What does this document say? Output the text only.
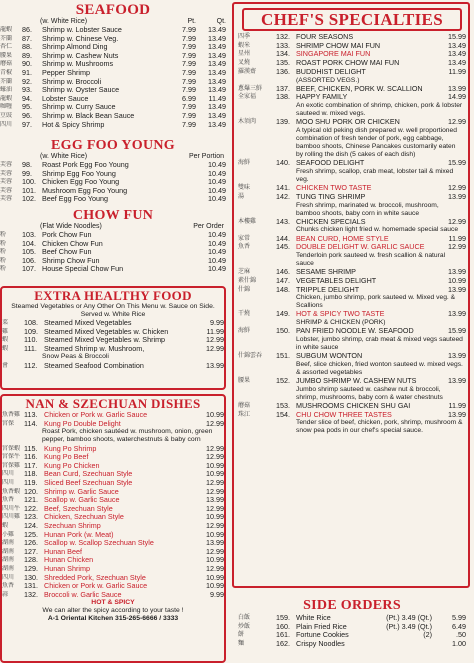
SEAFOOD
(w. White Rice)	Pt.	Qt.
龍蝦	86.	Shrimp w. Lobster Sauce	7.99	13.49
芥蘭	87.	Shrimp w. Chinese Veg.	7.99	13.49
杏仁	88.	Shrimp Almond Ding	7.99	13.49
腰果	89.	Shrimp w. Cashew Nuts	7.99	13.49
蘑菇	90.	Shrimp w. Mushrooms	7.99	13.49
青椒	91.	Pepper Shrimp	7.99	13.49
芥蘭	92.	Shrimp w. Broccoli	7.99	13.49
蠔油	93.	Shrimp w. Oyster Sauce	7.99	13.49
龍蝦	94.	Lobster Sauce	6.99	11.49
咖喱	95.	Shrimp w. Curry Sauce	7.99	13.49
豆豉	96.	Shrimp w. Black Bean Sauce	7.99	13.49
四川	97.	Hot & Spicy Shrimp	7.99	13.49
EGG FOO YOUNG
(w. White Rice)	Per Portion
芙蓉	98.	Roast Pork Egg Foo Young	10.49
芙蓉	99.	Shrimp Egg Foo Young	10.49
芙蓉	100. Chicken Egg Foo Young	10.49
芙蓉	101. Mushroom Egg Foo Young	10.49
芙蓉	102. Beef Egg Foo Young	10.49
CHOW FUN
(Flat Wide Noodles)	Per Order
粉	103. Pork Chow Fun	10.49
粉	104. Chicken Chow Fun	10.49
粉	105. Beef Chow Fun	10.49
粉	106. Shrimp Chow Fun	10.49
粉	107. House Special Chow Fun	10.49
EXTRA HEALTHY FOOD
Steamed Vegetables or Any Other On This Menu w. Sauce on Side.
Served w. White Rice
菜	108. Steamed Mixed Vegetables	9.99
雞	109. Steamed Mixed Vegetables w. Chicken	11.99
蝦	110. Steamed Mixed Vegetables w. Shrimp	12.99
蝦	111. Steamed Shrimp w. Mushroom,	12.99
Snow Peas & Broccoli
會	112. Steamed Seafood Combination	13.99
NAN & SZECHUAN DISHES
魚香雞 113. Chicken or Pork w. Garlic Sauce	10.99
宮保	114. Kung Po Double Delight	12.99
Roast Pork, chicken sautéed w. mushroom, onion, green pepper, bamboo shoots, waterchestnuts & baby corn
宮保蝦 115. Kung Po Shrimp	12.99
宮保牛 116. Kung Po Beef	12.99
宮保雞 117. Kung Po Chicken	10.99
四川	118. Bean Curd, Szechuan Style	10.99
四川	119. Sliced Beef Szechuan Style	12.99
魚香蝦 120. Shrimp w. Garlic Sauce	12.99
魚香	121. Scallop w. Garlic Sauce	13.99
四川牛 122. Beef, Szechuan Style	12.99
四川雞 123. Chicken, Szechuan Style	10.99
蝦	124. Szechuan Shrimp	12.99
小雞	125. Hunan Pork (w. Meat)	10.99
湖南	126. Scallop w. Scallop Szechuan Style	13.99
湖南	127. Hunan Beef	12.99
湖南	128. Hunan Chicken	10.99
湖南	129. Hunan Shrimp	12.99
四川	130. Shredded Pork, Szechuan Style	10.99
魚香	131. Chicken or Pork w. Garlic Sauce	10.99
蒜	132. Broccoli w. Garlic Sauce	9.99
HOT & SPICY
We can alter the spicy according to your taste !
A-1 Oriental Kitchen 315-265-6666 / 3333
CHEF'S SPECIALTIES
四季	132. FOUR SEASONS	15.99
蝦米	133. SHRIMP CHOW MAI FUN	13.49
星州	134. SINGAPORE MAI FUN	13.49
叉燒	135. ROAST PORK CHOW MAI FUN	13.49
羅漢齋	136. BUDDHIST DELIGHT	11.99
(ASSORTED VEGS.)
蔥爆三鮮	137. BEEF, CHICKEN, PORK W. SCALLION	13.99
全家福	138. HAPPY FAMILY	14.99
An exotic combination of shrimp, chicken, pork & lobster sauteed w. mixed vegs.
木須肉	139. MOO SHU PORK OR CHICKEN	12.99
A typical old peking dish prepared w. well proportioned combination of fresh tender of pork, egg cabbage, bamboo shoots, Chinese Pancakes customarily eaten by rolling the dish (5 cakes of each dish)
海鮮	140. SEAFOOD DELIGHT	15.99
Fresh shrimp, scallop, crab meat, lobster tail & mixed veg.
雙味	141. CHICKEN TWO TASTE	12.99
湯	142. TUNG TING SHRIMP	13.99
Fresh shrimp, marinated w. broccoli, mushroom, bamboo shoots, baby corn in white sauce
本樓雞	143. CHICKEN SPECIALS	12.99
Chunks chicken light fried w. homemade special sauce
家常	144. BEAN CURD, HOME STYLE	11.99
魚香	145. DOUBLE DELIGHT W. GARLIC SAUCE	12.99
Tenderloin pork sauteed w. fresh scallion & natural sauce
芝麻	146. SESAME SHRIMP	13.99
素什錦	147. VEGETABLES DELIGHT	10.99
什錦	148. TRIPPLE DELIGHT	13.99
Chicken, jumbo shrimp, pork sauteed w. Mixed veg. & Scallions
干燒	149. HOT & SPICY TWO TASTE	13.99
SHRIMP & CHICKEN (PORK)
海鮮	150. PAN FRIED NOODLE W. SEAFOOD	15.99
Lobster, jumbo shrimp, crab meat & mixed vegs sauteed in white sauce
什錦雲吞	151. SUBGUM WONTON	13.99
Beef, slice chicken, fried wonton sauteed w. mixed vegs. & assorted vegetables
腰果	152. JUMBO SHRIMP W. CASHEW NUTS	13.99
Jumbo shrimp sauteed w. cashew nut & broccoli, shrimp, mushrooms, baby corn & water chestnuts
蘑菇	153. MUSHROOMS CHICKEN SHU GAI	11.99
珠江	154. CHU CHOW THREE TASTES	13.99
Tender slice of beef, chicken, pork, shrimp, mushroom & snow pea pods in our chef's special sauce.
SIDE ORDERS
白飯	159. White Rice	(Pt.) 3.49 (Qt.)	5.99
炒飯	160. Plain Fried Rice	(Pt.) 3.49 (Qt.)	6.49
餅	161. Fortune Cookies	(2)	.50
麵	162. Crispy Noodles	1.00
